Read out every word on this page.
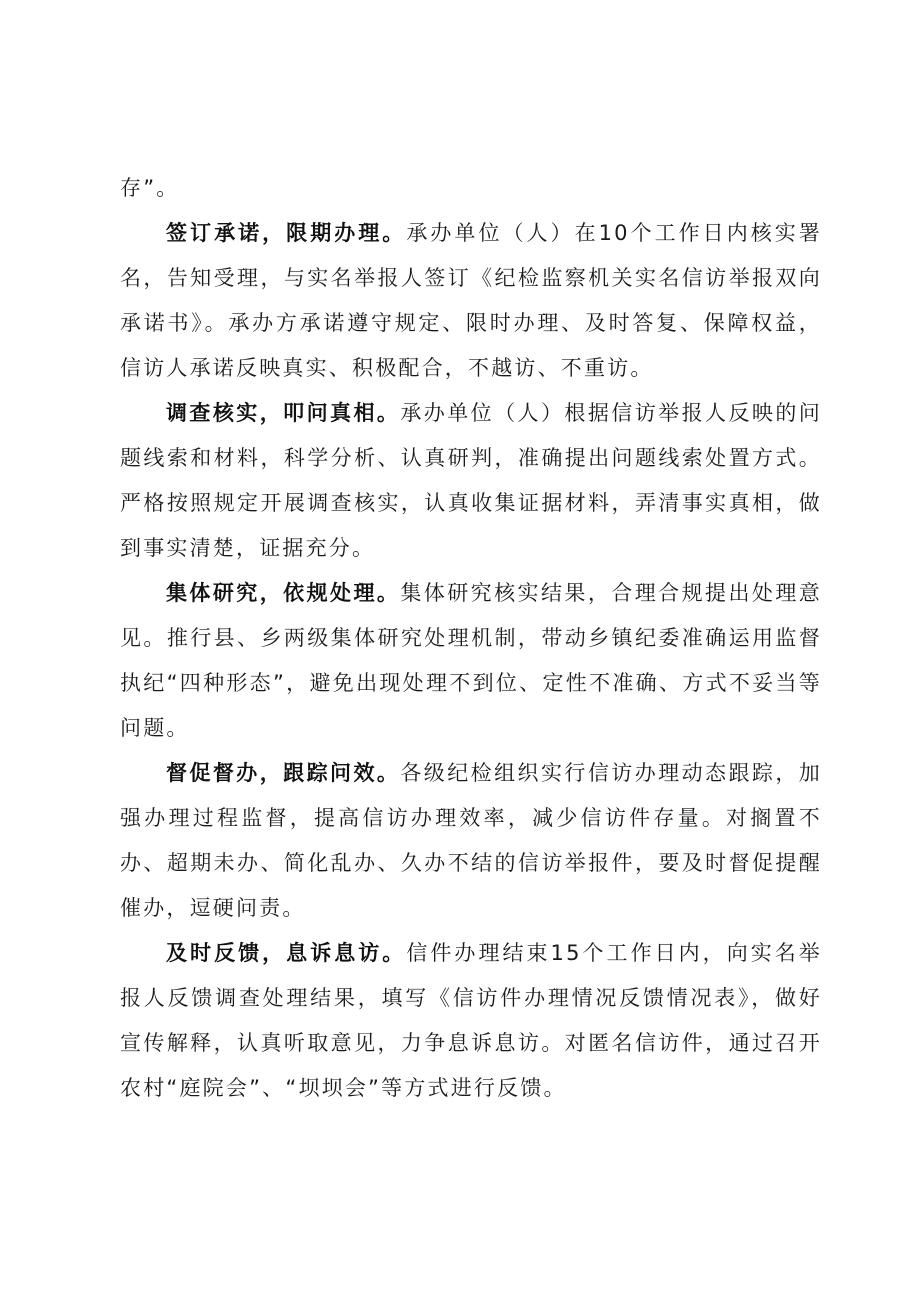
存”。

签订承诺，限期办理。承办单位（人）在10个工作日内核实署名，告知受理，与实名举报人签订《纪检监察机关实名信访举报双向承诺书》。承办方承诺遵守规定、限时办理、及时答复、保障权益，信访人承诺反映真实、积极配合，不越访、不重访。

调查核实，叩问真相。承办单位（人）根据信访举报人反映的问题线索和材料，科学分析、认真研判，准确提出问题线索处置方式。严格按照规定开展调查核实，认真收集证据材料，弄清事实真相，做到事实清楚，证据充分。

集体研究，依规处理。集体研究核实结果，合理合规提出处理意见。推行县、乡两级集体研究处理机制，带动乡镇纪委准确运用监督执纪“四种形态”，避免出现处理不到位、定性不准确、方式不妥当等问题。

督促督办，跟踪问效。各级纪检组织实行信访办理动态跟踪，加强办理过程监督，提高信访办理效率，减少信访件存量。对搁置不办、超期未办、简化乱办、久办不结的信访举报件，要及时督促提醒催办，逗硬问责。

及时反馈，息诉息访。信件办理结束15个工作日内，向实名举报人反馈调查处理结果，填写《信访件办理情况反馈情况表》，做好宣传解释，认真听取意见，力争息诉息访。对匿名信访件，通过召开农村“庭院会”、“坝坝会”等方式进行反馈。
